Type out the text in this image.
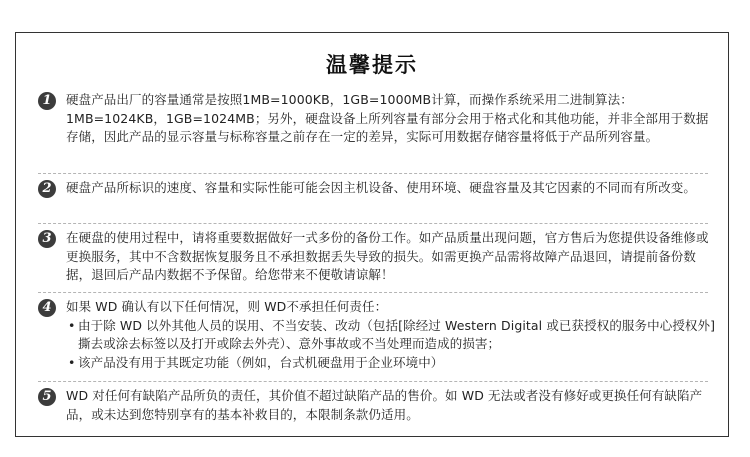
温馨提示
1	硬盘产品出厂的容量通常是按照1MB=1000KB，1GB=1000MB计算，而操作系统采用二进制算法：1MB=1024KB，1GB=1024MB；另外，硬盘设备上所列容量有部分会用于格式化和其他功能，并非全部用于数据存储，因此产品的显示容量与标称容量之前存在一定的差异，实际可用数据存储容量将低于产品所列容量。
2	硬盘产品所标识的速度、容量和实际性能可能会因主机设备、使用环境、硬盘容量及其它因素的不同而有所改变。
3	在硬盘的使用过程中，请将重要数据做好一式多份的备份工作。如产品质量出现问题，官方售后为您提供设备维修或更换服务，其中不含数据恢复服务且不承担数据丢失导致的损失。如需更换产品需将故障产品退回，请提前备份数据，退回后产品内数据不予保留。给您带来不便敬请谅解！
4	如果 WD 确认有以下任何情况，则 WD不承担任何责任：
• 由于除 WD 以外其他人员的误用、不当安装、改动（包括[除经过 Western Digital 或已获授权的服务中心授权外]撕去或涂去标签以及打开或除去外壳）、意外事故或不当处理而造成的损害；
• 该产品没有用于其既定功能（例如，台式机硬盘用于企业环境中）
5	WD 对任何有缺陷产品所负的责任，其价值不超过缺陷产品的售价。如 WD 无法或者没有修好或更换任何有缺陷产品，或未达到您特别享有的基本补救目的，本限制条款仍适用。
